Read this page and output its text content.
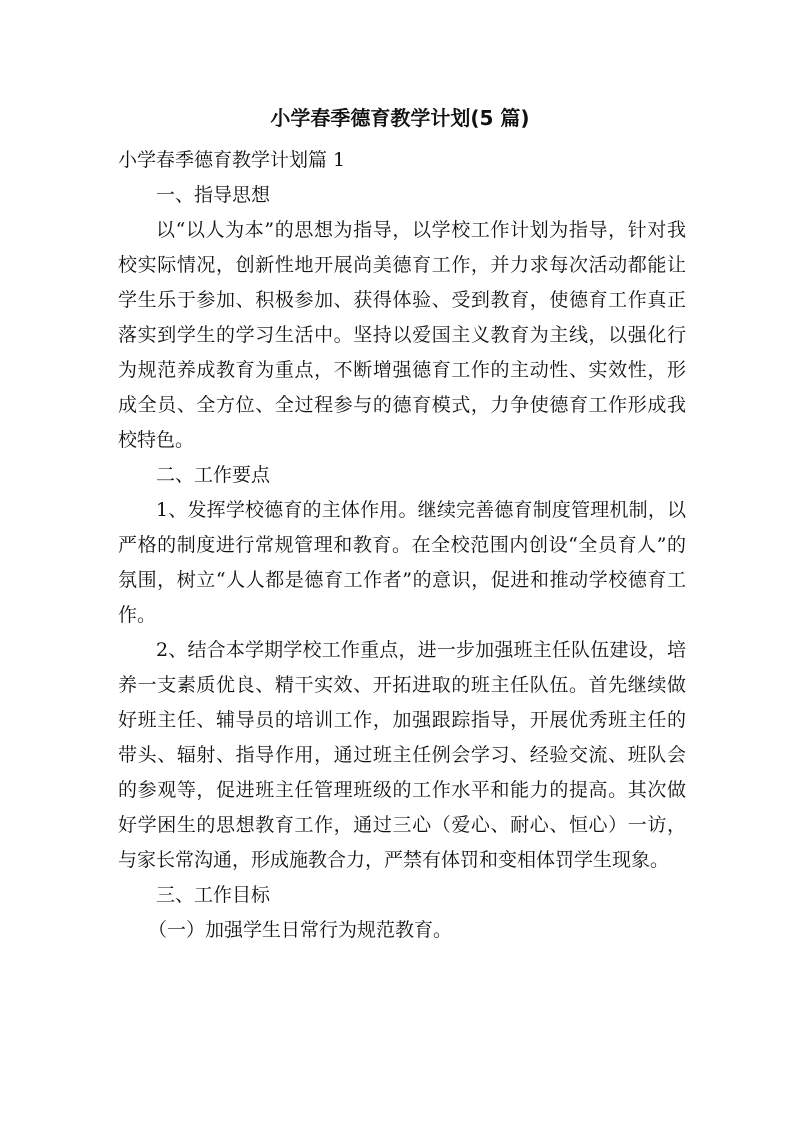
小学春季德育教学计划(5 篇)

小学春季德育教学计划篇 1

一、指导思想

以“以人为本”的思想为指导，以学校工作计划为指导，针对我校实际情况，创新性地开展尚美德育工作，并力求每次活动都能让学生乐于参加、积极参加、获得体验、受到教育，使德育工作真正落实到学生的学习生活中。坚持以爱国主义教育为主线，以强化行为规范养成教育为重点，不断增强德育工作的主动性、实效性，形成全员、全方位、全过程参与的德育模式，力争使德育工作形成我校特色。

二、工作要点

1、发挥学校德育的主体作用。继续完善德育制度管理机制，以严格的制度进行常规管理和教育。在全校范围内创设“全员育人”的氛围，树立“人人都是德育工作者”的意识，促进和推动学校德育工作。

2、结合本学期学校工作重点，进一步加强班主任队伍建设，培养一支素质优良、精干实效、开拓进取的班主任队伍。首先继续做好班主任、辅导员的培训工作，加强跟踪指导，开展优秀班主任的带头、辐射、指导作用，通过班主任例会学习、经验交流、班队会的参观等，促进班主任管理班级的工作水平和能力的提高。其次做好学困生的思想教育工作，通过三心（爱心、耐心、恒心）一访，与家长常沟通，形成施教合力，严禁有体罚和变相体罚学生现象。

三、工作目标

（一）加强学生日常行为规范教育。
